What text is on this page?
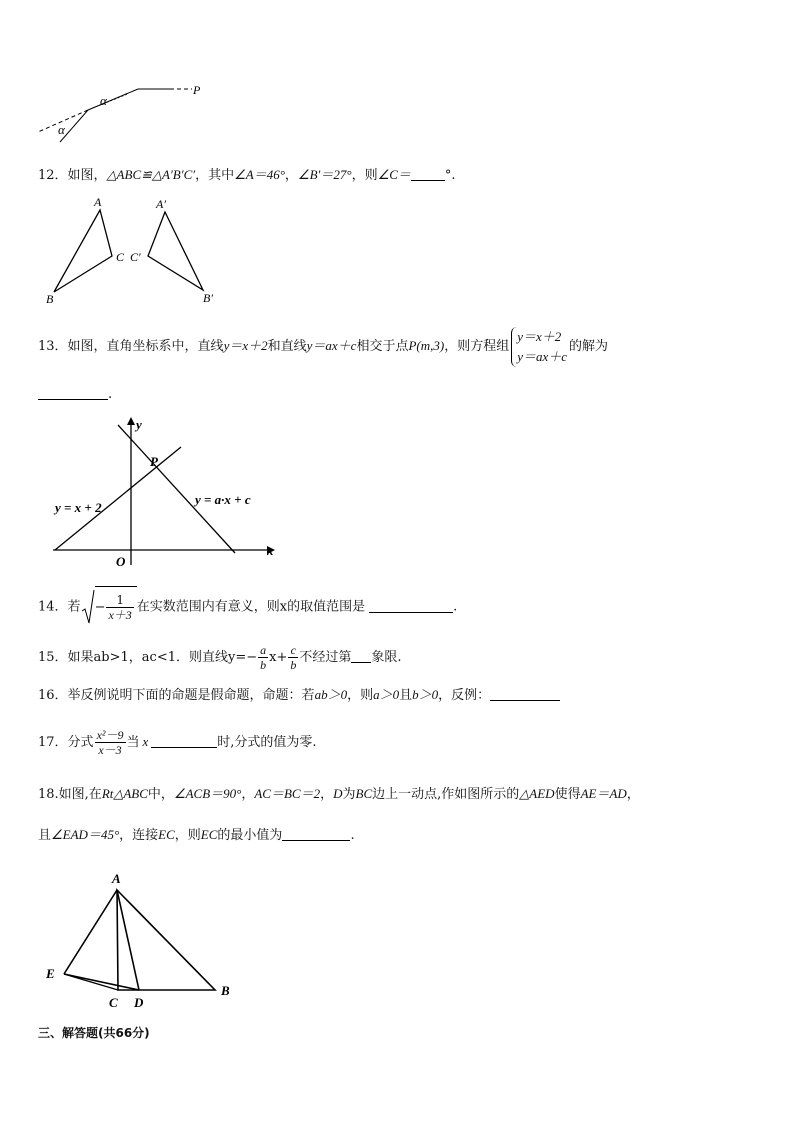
α
α
P
12．如图，△ABC≌△A′B′C′，其中∠A＝46°，∠B′＝27°，则∠C＝	°.
A
B
C
A′
B′
C′
13．如图，直角坐标系中，直线y＝x＋2和直线y＝ax＋c相交于点P(m,3)，则方程组
y＝x＋2
y＝ax＋c
的解为
.
y
x
O
P
y = x + 2
y = a·x + c
14．若 − $\frac{1}{x+3}$ 在实数范围内有意义，则x的取值范围是	.
15．如果ab>1，ac<1．则直线$y=- \frac{a}{b} x+ \frac{c}{b}$ 不经过第 象限.
16．举反例说明下面的命题是假命题，命题：若ab＞0，则a＞0且b＞0，反例：
17．分式 $\frac{\text{x²－9}}{x-3}$ 当 x	时,分式的值为零.
18.如图,在Rt△ABC中，∠ACB＝90°，AC＝BC＝2，D为BC边上一动点,作如图所示的△AED使得AE＝AD，
且∠EAD＝45°，连接EC，则EC的最小值为	.
A
E
C D
B
三、解答题(共66分)
